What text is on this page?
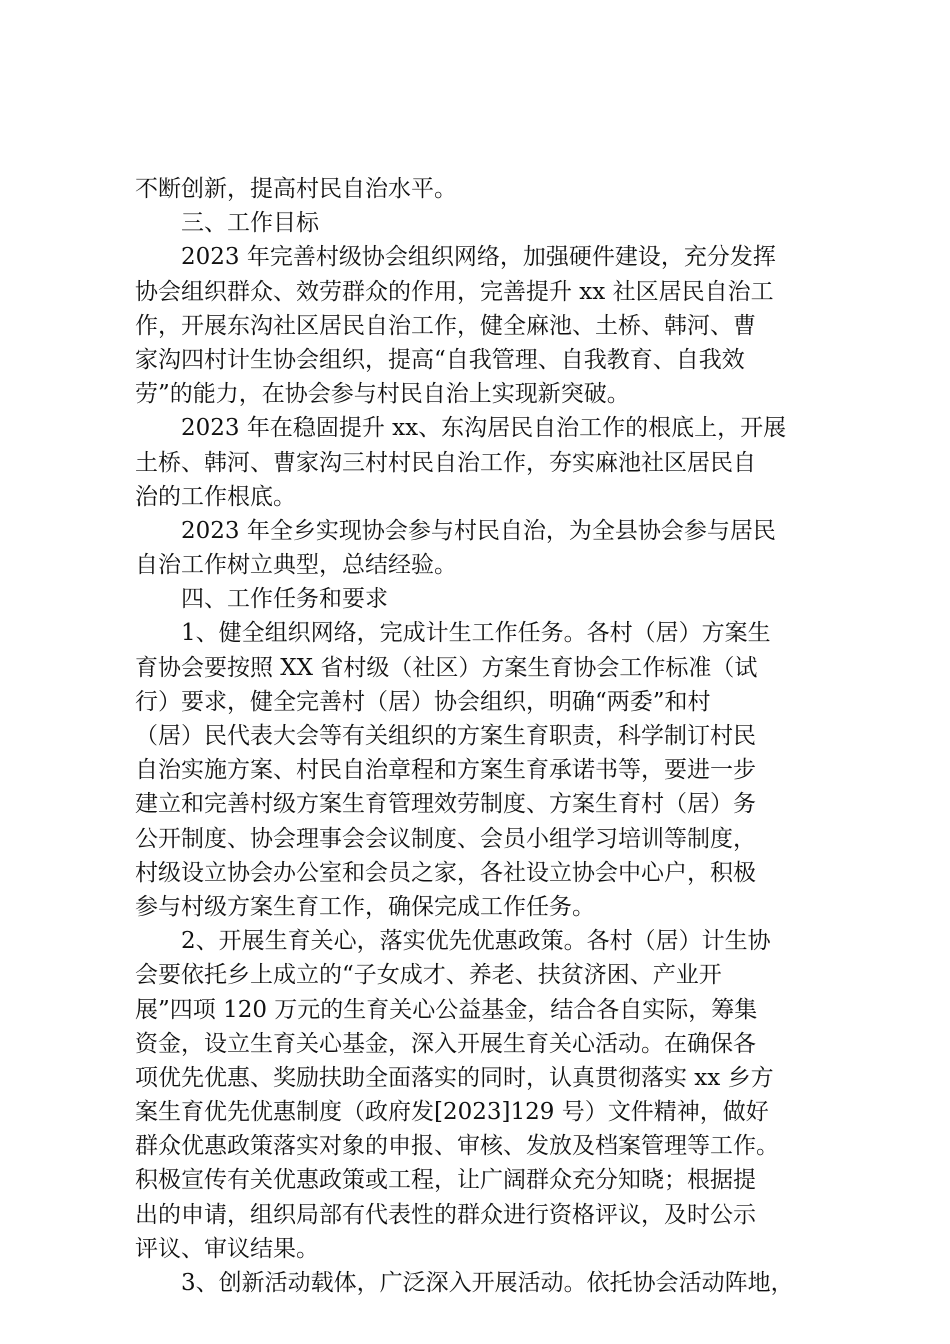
不断创新，提高村民自治水平。
三、工作目标
2023 年完善村级协会组织网络，加强硬件建设，充分发挥
协会组织群众、效劳群众的作用，完善提升 xx 社区居民自治工
作，开展东沟社区居民自治工作，健全麻池、土桥、韩河、曹
家沟四村计生协会组织，提高“自我管理、自我教育、自我效
劳”的能力，在协会参与村民自治上实现新突破。
2023 年在稳固提升 xx、东沟居民自治工作的根底上，开展
土桥、韩河、曹家沟三村村民自治工作，夯实麻池社区居民自
治的工作根底。
2023 年全乡实现协会参与村民自治，为全县协会参与居民
自治工作树立典型，总结经验。
四、工作任务和要求
1、健全组织网络，完成计生工作任务。各村（居）方案生
育协会要按照 XX 省村级（社区）方案生育协会工作标准（试
行）要求，健全完善村（居）协会组织，明确“两委”和村
（居）民代表大会等有关组织的方案生育职责，科学制订村民
自治实施方案、村民自治章程和方案生育承诺书等，要进一步
建立和完善村级方案生育管理效劳制度、方案生育村（居）务
公开制度、协会理事会会议制度、会员小组学习培训等制度，
村级设立协会办公室和会员之家，各社设立协会中心户，积极
参与村级方案生育工作，确保完成工作任务。
2、开展生育关心，落实优先优惠政策。各村（居）计生协
会要依托乡上成立的“子女成才、养老、扶贫济困、产业开
展”四项 120 万元的生育关心公益基金，结合各自实际，筹集
资金，设立生育关心基金，深入开展生育关心活动。在确保各
项优先优惠、奖励扶助全面落实的同时，认真贯彻落实 xx 乡方
案生育优先优惠制度（政府发[2023]129 号）文件精神，做好
群众优惠政策落实对象的申报、审核、发放及档案管理等工作。
积极宣传有关优惠政策或工程，让广阔群众充分知晓；根据提
出的申请，组织局部有代表性的群众进行资格评议，及时公示
评议、审议结果。
3、创新活动载体，广泛深入开展活动。依托协会活动阵地，
